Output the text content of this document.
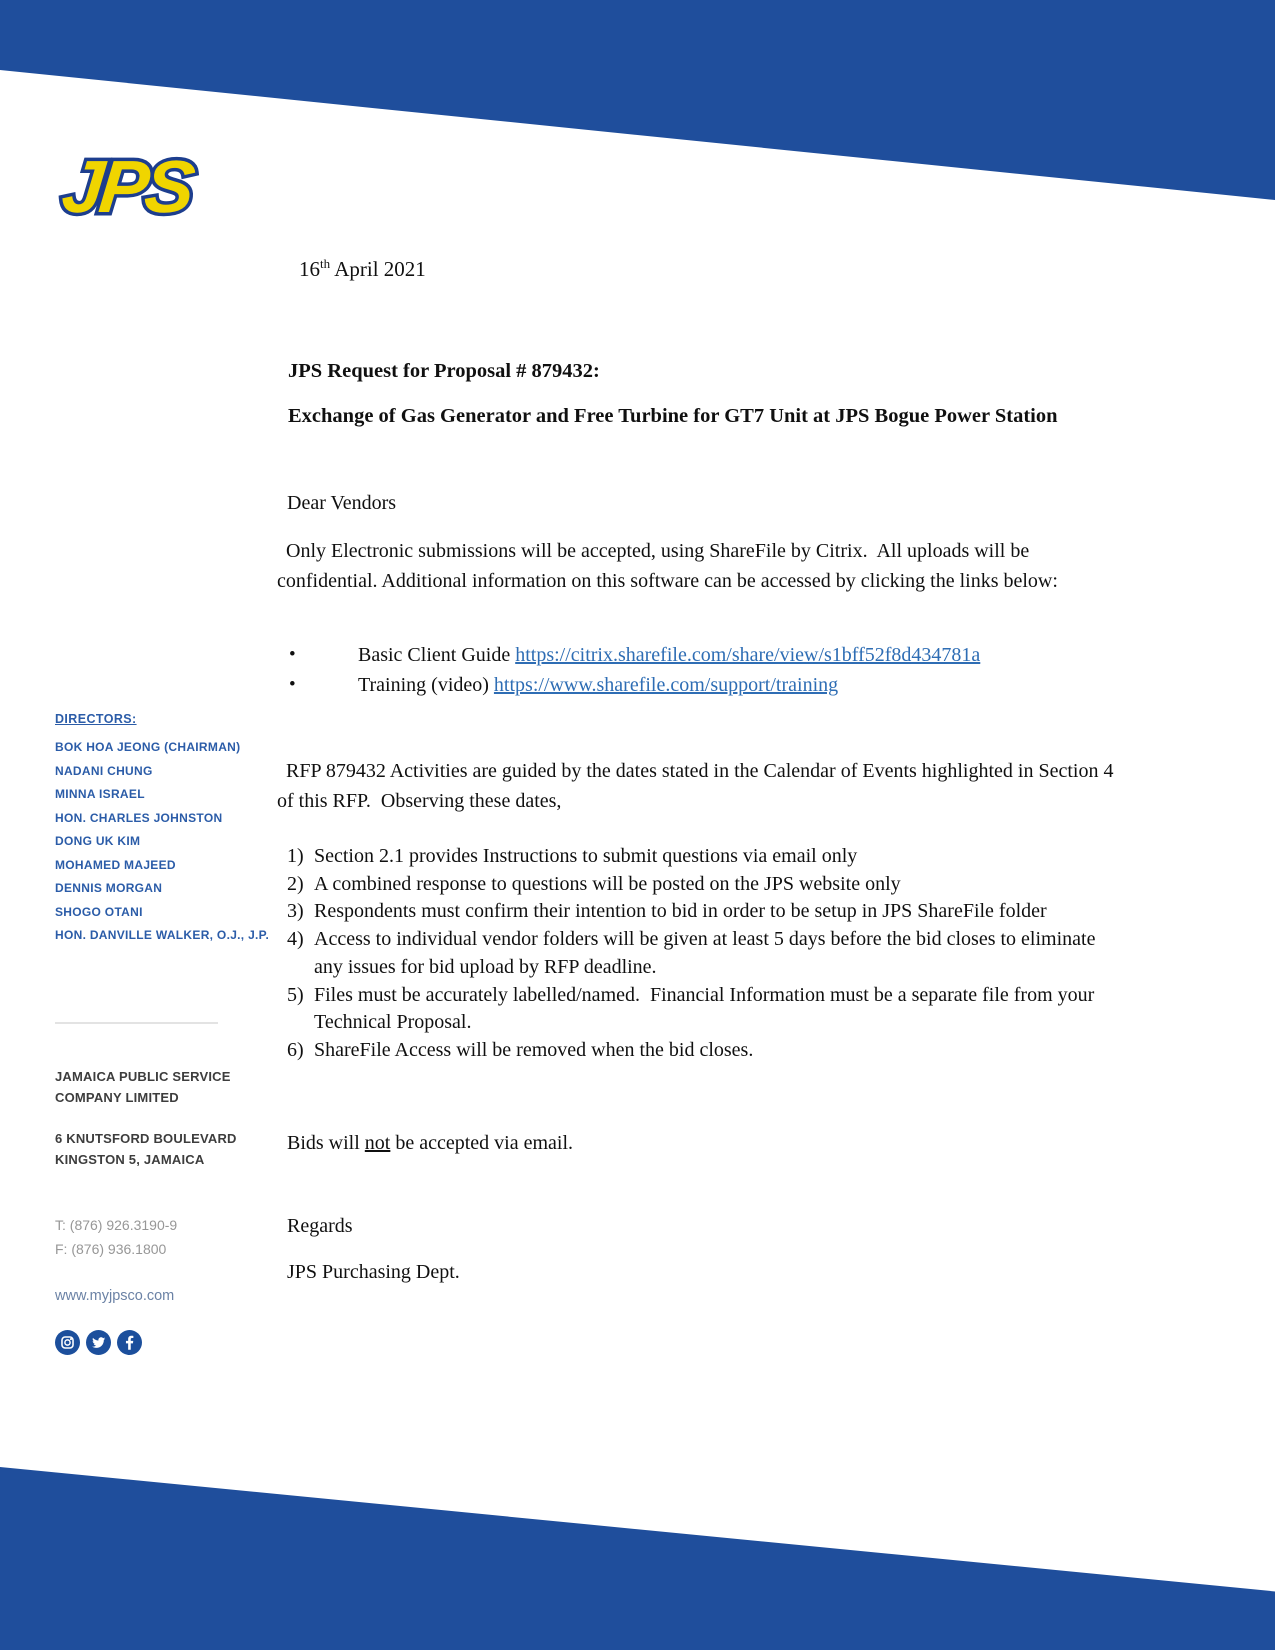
JPS
DIRECTORS:
BOK HOA JEONG (CHAIRMAN)
NADANI CHUNG
MINNA ISRAEL
HON. CHARLES JOHNSTON
DONG UK KIM
MOHAMED MAJEED
DENNIS MORGAN
SHOGO OTANI
HON. DANVILLE WALKER, O.J., J.P.
JAMAICA PUBLIC SERVICE
COMPANY LIMITED
6 KNUTSFORD BOULEVARD
KINGSTON 5, JAMAICA
T: (876) 926.3190-9
F: (876) 936.1800
www.myjpsco.com
16th April 2021
JPS Request for Proposal # 879432:
Exchange of Gas Generator and Free Turbine for GT7 Unit at JPS Bogue Power Station
Dear Vendors
Only Electronic submissions will be accepted, using ShareFile by Citrix.  All uploads will be confidential. Additional information on this software can be accessed by clicking the links below:
•	Basic Client Guide https://citrix.sharefile.com/share/view/s1bff52f8d434781a
•	Training (video) https://www.sharefile.com/support/training
RFP 879432 Activities are guided by the dates stated in the Calendar of Events highlighted in Section 4 of this RFP.  Observing these dates,
1) Section 2.1 provides Instructions to submit questions via email only
2) A combined response to questions will be posted on the JPS website only
3) Respondents must confirm their intention to bid in order to be setup in JPS ShareFile folder
4) Access to individual vendor folders will be given at least 5 days before the bid closes to eliminate any issues for bid upload by RFP deadline.
5) Files must be accurately labelled/named.  Financial Information must be a separate file from your Technical Proposal.
6) ShareFile Access will be removed when the bid closes.
Bids will not be accepted via email.
Regards
JPS Purchasing Dept.
